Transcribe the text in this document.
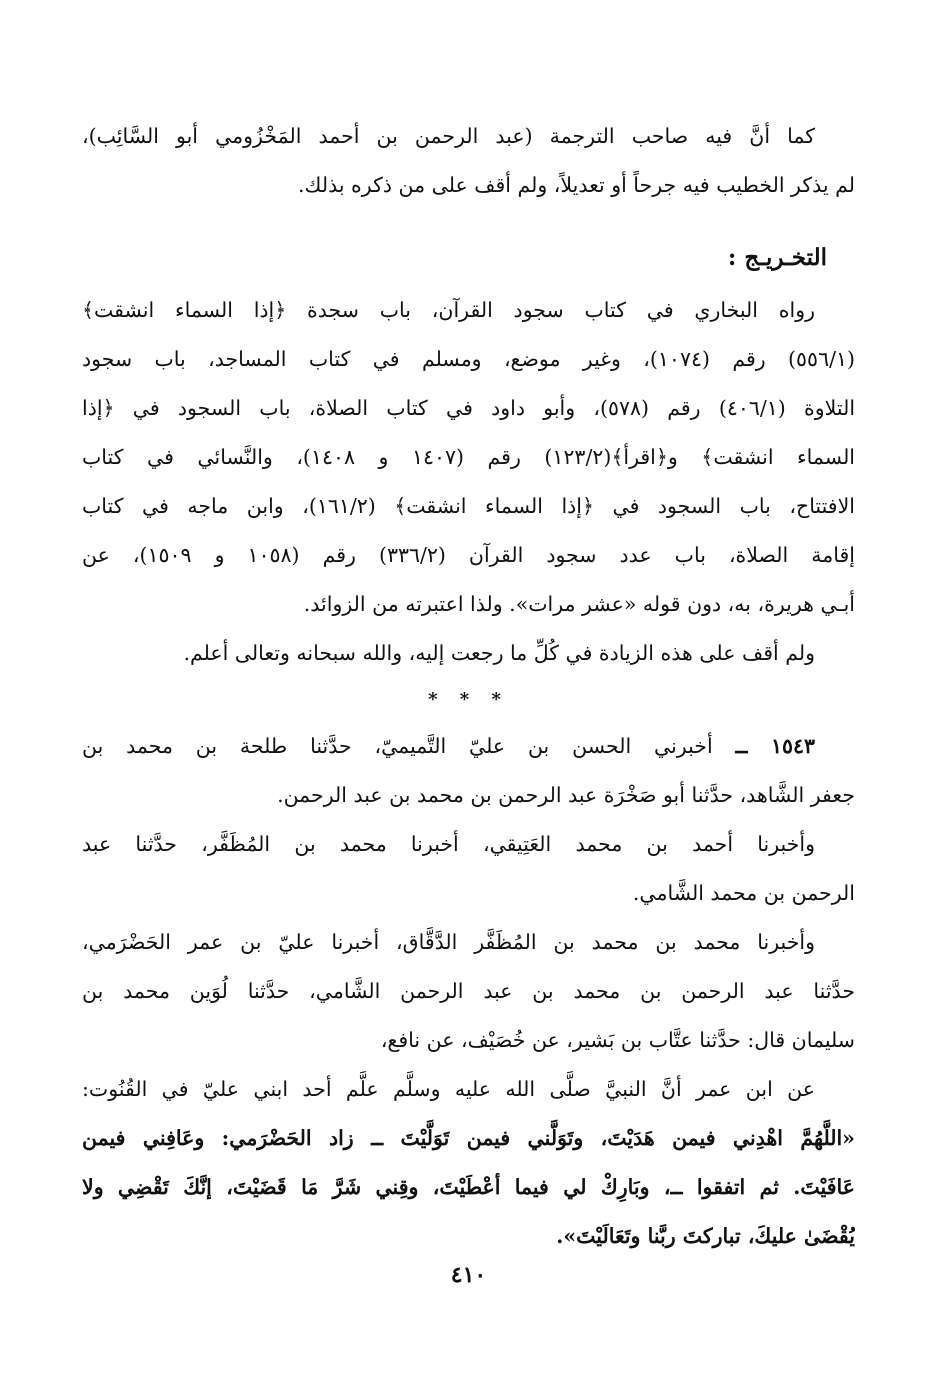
كما أنَّ فيه صاحب الترجمة (عبد الرحمن بن أحمد المَخْزُومي أبو السَّائِب)،
لم يذكر الخطيب فيه جرحاً أو تعديلاً، ولم أقف على من ذكره بذلك.
التخـريـج :
رواه البخاري في كتاب سجود القرآن، باب سجدة ﴿إذا السماء انشقت﴾
(٥٥٦/١) رقم (١٠٧٤)، وغير موضع، ومسلم في كتاب المساجد، باب سجود
التلاوة (٤٠٦/١) رقم (٥٧٨)، وأبو داود في كتاب الصلاة، باب السجود في ﴿إذا
السماء انشقت﴾ و﴿اقرأ﴾(١٢٣/٢) رقم (١٤٠٧ و ١٤٠٨)، والنَّسائي في كتاب
الافتتاح، باب السجود في ﴿إذا السماء انشقت﴾ (١٦١/٢)، وابن ماجه في كتاب
إقامة الصلاة، باب عدد سجود القرآن (٣٣٦/٢) رقم (١٠٥٨ و ١٥٠٩)، عن
أبـي هريرة، به، دون قوله «عشر مرات». ولذا اعتبرته من الزوائد.
ولم أقف على هذه الزيادة في كُلِّ ما رجعت إليه، والله سبحانه وتعالى أعلم.
* * *
١٥٤٣ ــ أخبرني الحسن بن عليّ التَّميميّ، حدَّثنا طلحة بن محمد بن
جعفر الشَّاهد، حدَّثنا أبو صَخْرَة عبد الرحمن بن محمد بن عبد الرحمن.
وأخبرنا أحمد بن محمد العَتِيقي، أخبرنا محمد بن المُظَفَّر، حدَّثنا عبد
الرحمن بن محمد الشَّامي.
وأخبرنا محمد بن محمد بن المُظَفَّر الدَّقَّاق، أخبرنا عليّ بن عمر الحَضْرَمي،
حدَّثنا عبد الرحمن بن محمد بن عبد الرحمن الشَّامي، حدَّثنا لُوَين محمد بن
سليمان قال: حدَّثنا عتَّاب بن بَشير، عن خُصَيْف، عن نافع،
عن ابن عمر أنَّ النبيَّ صلَّى الله عليه وسلَّم علَّم أحد ابني عليّ في القُنُوت:
«اللَّهُمَّ اهْدِني فيمن هَدَيْتَ، وتَوَلَّني فيمن تَوَلَّيْتَ ــ زاد الحَضْرَمي: وعَافِني فيمن
عَافَيْتَ. ثم اتفقوا ــ، وبَارِكْ لي فيما أعْطَيْتَ، وقِني شَرَّ مَا قَضَيْتَ، إنَّكَ تَقْضِي ولا
يُقْضَىٰ عليكَ، تباركتَ ربَّنا وتَعَالَيْتَ».
٤١٠
